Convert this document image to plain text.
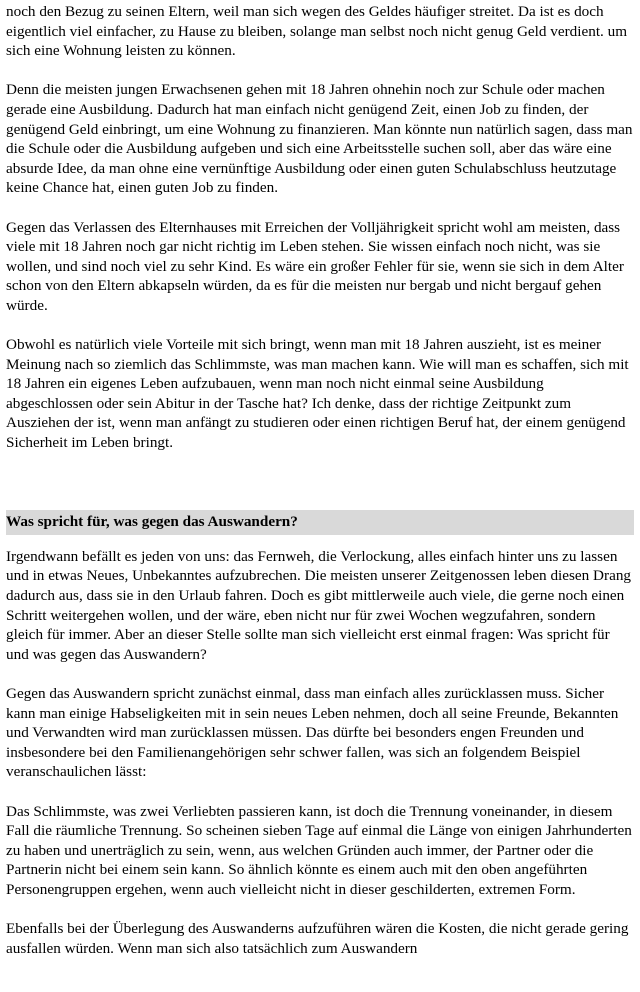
noch den Bezug zu seinen Eltern, weil man sich wegen des Geldes häufiger streitet. Da ist es doch eigentlich viel einfacher, zu Hause zu bleiben, solange man selbst noch nicht genug Geld verdient. um sich eine Wohnung leisten zu können.

Denn die meisten jungen Erwachsenen gehen mit 18 Jahren ohnehin noch zur Schule oder machen gerade eine Ausbildung. Dadurch hat man einfach nicht genügend Zeit, einen Job zu finden, der genügend Geld einbringt, um eine Wohnung zu finanzieren. Man könnte nun natürlich sagen, dass man die Schule oder die Ausbildung aufgeben und sich eine Arbeitsstelle suchen soll, aber das wäre eine absurde Idee, da man ohne eine vernünftige Ausbildung oder einen guten Schulabschluss heutzutage keine Chance hat, einen guten Job zu finden.

Gegen das Verlassen des Elternhauses mit Erreichen der Volljährigkeit spricht wohl am meisten, dass viele mit 18 Jahren noch gar nicht richtig im Leben stehen. Sie wissen einfach noch nicht, was sie wollen, und sind noch viel zu sehr Kind. Es wäre ein großer Fehler für sie, wenn sie sich in dem Alter schon von den Eltern abkapseln würden, da es für die meisten nur bergab und nicht bergauf gehen würde.

Obwohl es natürlich viele Vorteile mit sich bringt, wenn man mit 18 Jahren auszieht, ist es meiner Meinung nach so ziemlich das Schlimmste, was man machen kann. Wie will man es schaffen, sich mit 18 Jahren ein eigenes Leben aufzubauen, wenn man noch nicht einmal seine Ausbildung abgeschlossen oder sein Abitur in der Tasche hat? Ich denke, dass der richtige Zeitpunkt zum Ausziehen der ist, wenn man anfängt zu studieren oder einen richtigen Beruf hat, der einem genügend Sicherheit im Leben bringt.

Was spricht für, was gegen das Auswandern?

Irgendwann befällt es jeden von uns: das Fernweh, die Verlockung, alles einfach hinter uns zu lassen und in etwas Neues, Unbekanntes aufzubrechen. Die meisten unserer Zeitgenossen leben diesen Drang dadurch aus, dass sie in den Urlaub fahren. Doch es gibt mittlerweile auch viele, die gerne noch einen Schritt weitergehen wollen, und der wäre, eben nicht nur für zwei Wochen wegzufahren, sondern gleich für immer. Aber an dieser Stelle sollte man sich vielleicht erst einmal fragen: Was spricht für und was gegen das Auswandern?

Gegen das Auswandern spricht zunächst einmal, dass man einfach alles zurücklassen muss. Sicher kann man einige Habseligkeiten mit in sein neues Leben nehmen, doch all seine Freunde, Bekannten und Verwandten wird man zurücklassen müssen. Das dürfte bei besonders engen Freunden und insbesondere bei den Familienangehörigen sehr schwer fallen, was sich an folgendem Beispiel veranschaulichen lässt:

Das Schlimmste, was zwei Verliebten passieren kann, ist doch die Trennung voneinander, in diesem Fall die räumliche Trennung. So scheinen sieben Tage auf einmal die Länge von einigen Jahrhunderten zu haben und unerträglich zu sein, wenn, aus welchen Gründen auch immer, der Partner oder die Partnerin nicht bei einem sein kann. So ähnlich könnte es einem auch mit den oben angeführten Personengruppen ergehen, wenn auch vielleicht nicht in dieser geschilderten, extremen Form.

Ebenfalls bei der Überlegung des Auswanderns aufzuführen wären die Kosten, die nicht gerade gering ausfallen würden. Wenn man sich also tatsächlich zum Auswandern
